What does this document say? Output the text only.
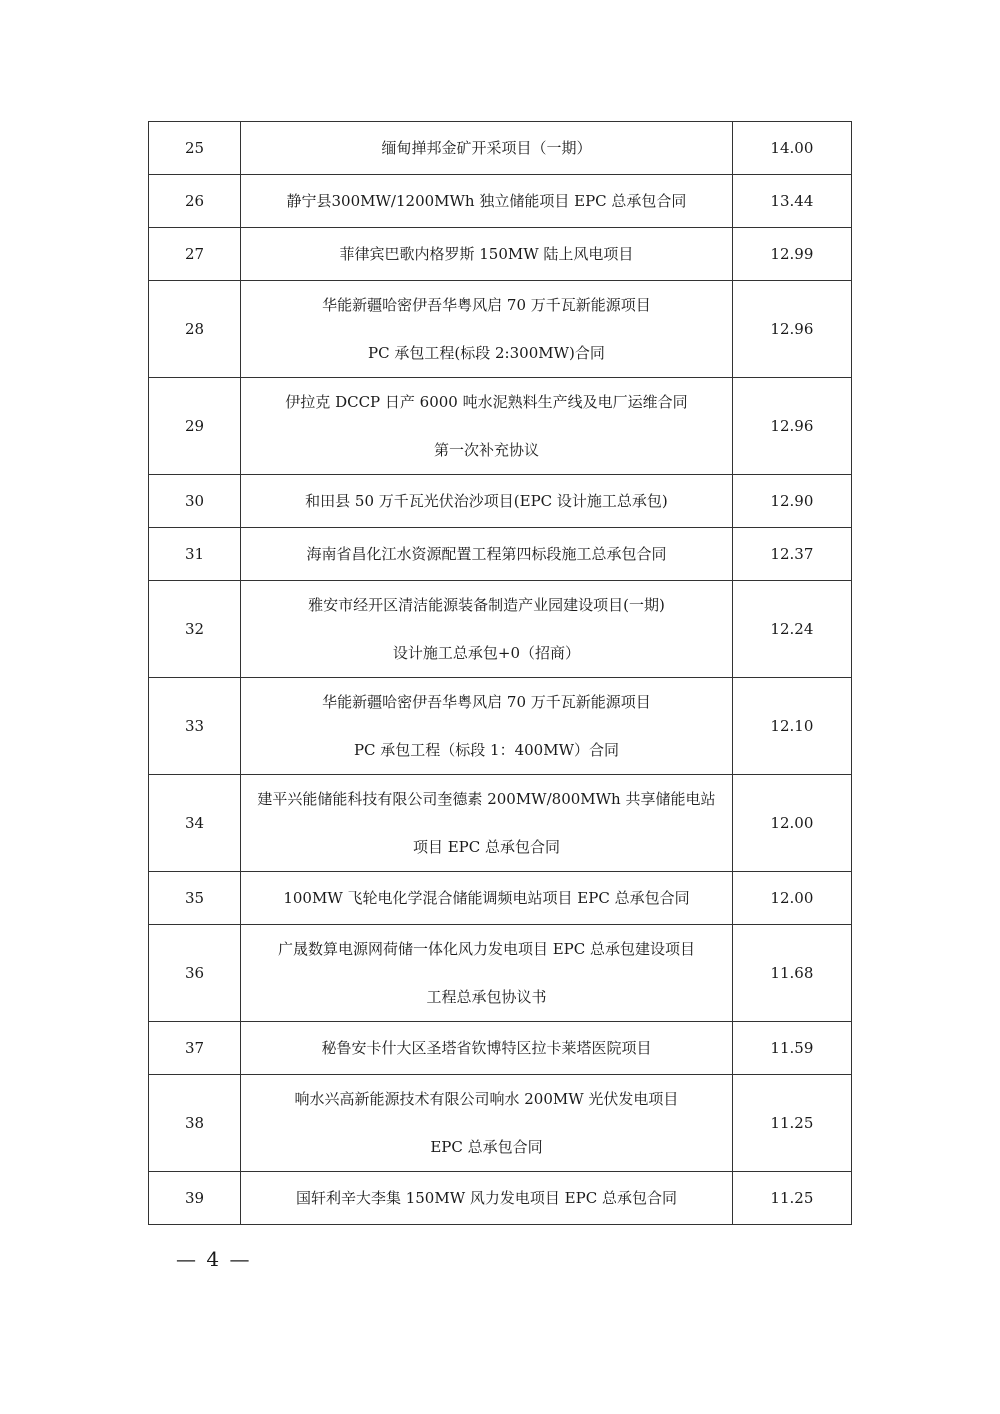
25	缅甸掸邦金矿开采项目（一期）	14.00
26	静宁县300MW/1200MWh 独立储能项目 EPC 总承包合同	13.44
27	菲律宾巴歌内格罗斯 150MW 陆上风电项目	12.99
28	华能新疆哈密伊吾华粤风启 70 万千瓦新能源项目
PC 承包工程(标段 2:300MW)合同	12.96
29	伊拉克 DCCP 日产 6000 吨水泥熟料生产线及电厂运维合同
第一次补充协议	12.96
30	和田县 50 万千瓦光伏治沙项目(EPC 设计施工总承包)	12.90
31	海南省昌化江水资源配置工程第四标段施工总承包合同	12.37
32	雅安市经开区清洁能源装备制造产业园建设项目(一期)
设计施工总承包+0（招商）	12.24
33	华能新疆哈密伊吾华粤风启 70 万千瓦新能源项目
PC 承包工程（标段 1：400MW）合同	12.10
34	建平兴能储能科技有限公司奎德素 200MW/800MWh 共享储能电站
项目 EPC 总承包合同	12.00
35	100MW 飞轮电化学混合储能调频电站项目 EPC 总承包合同	12.00
36	广晟数算电源网荷储一体化风力发电项目 EPC 总承包建设项目
工程总承包协议书	11.68
37	秘鲁安卡什大区圣塔省钦博特区拉卡莱塔医院项目	11.59
38	响水兴高新能源技术有限公司响水 200MW 光伏发电项目
EPC 总承包合同	11.25
39	国轩利辛大李集 150MW 风力发电项目 EPC 总承包合同	11.25
— 4 —
